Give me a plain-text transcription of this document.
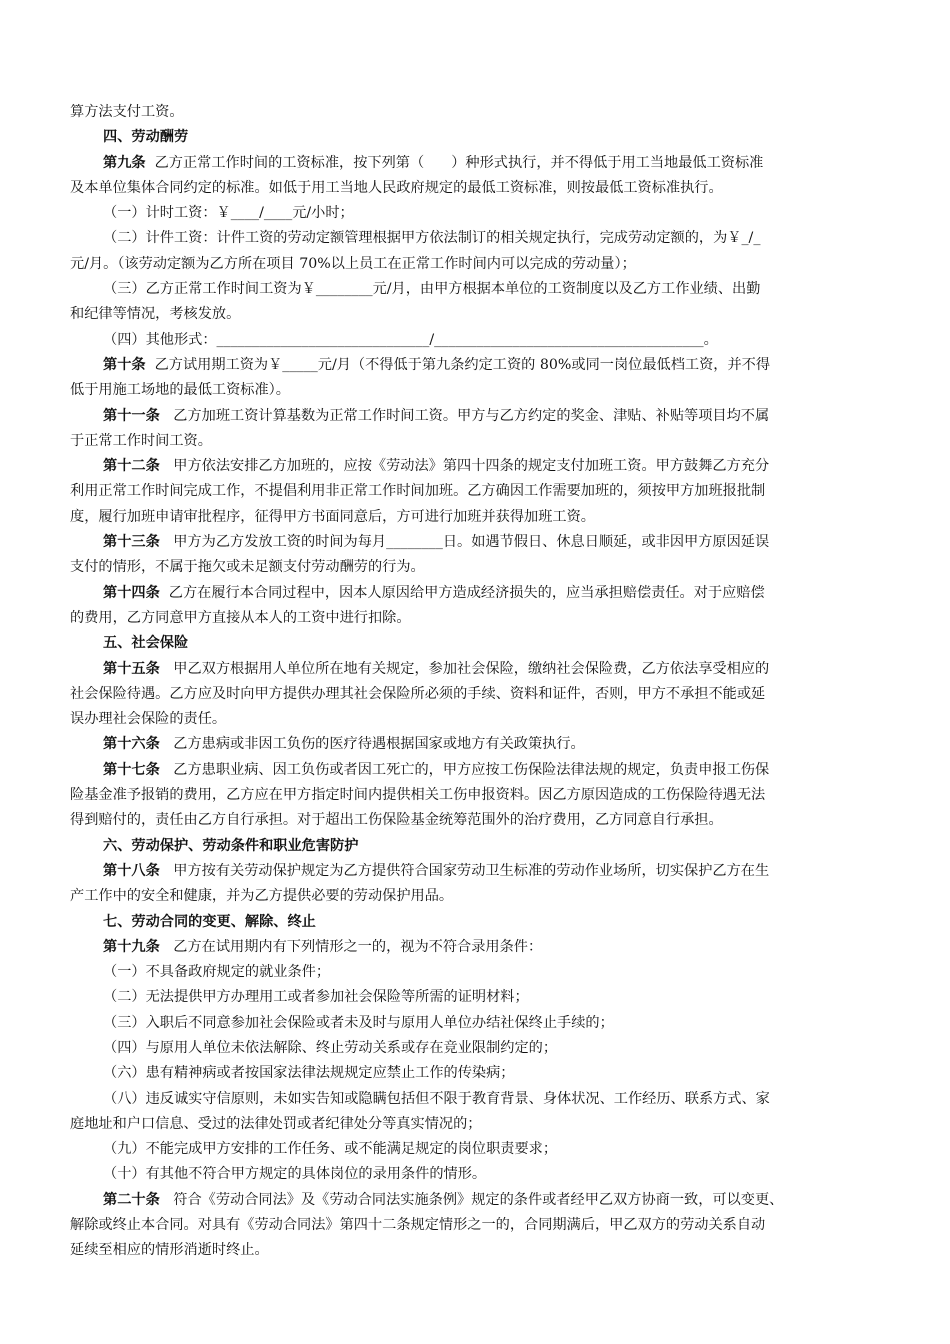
算方法支付工资。
四、劳动酬劳
第九条  乙方正常工作时间的工资标准，按下列第（      ）种形式执行，并不得低于用工当地最低工资标准
及本单位集体合同约定的标准。如低于用工当地人民政府规定的最低工资标准，则按最低工资标准执行。
（一）计时工资：￥____/____元/小时；
（二）计件工资：计件工资的劳动定额管理根据甲方依法制订的相关规定执行，完成劳动定额的，为￥_/_
元/月。（该劳动定额为乙方所在项目 70%以上员工在正常工作时间内可以完成的劳动量）；
（三）乙方正常工作时间工资为￥________元/月，由甲方根据本单位的工资制度以及乙方工作业绩、出勤
和纪律等情况，考核发放。
（四）其他形式：______________________________/______________________________________。
第十条  乙方试用期工资为￥_____元/月（不得低于第九条约定工资的 80%或同一岗位最低档工资，并不得
低于用施工场地的最低工资标准）。
第十一条   乙方加班工资计算基数为正常工作时间工资。甲方与乙方约定的奖金、津贴、补贴等项目均不属
于正常工作时间工资。
第十二条   甲方依法安排乙方加班的，应按《劳动法》第四十四条的规定支付加班工资。甲方鼓舞乙方充分
利用正常工作时间完成工作，不提倡利用非正常工作时间加班。乙方确因工作需要加班的，须按甲方加班报批制
度，履行加班申请审批程序，征得甲方书面同意后，方可进行加班并获得加班工资。
第十三条   甲方为乙方发放工资的时间为每月________日。如遇节假日、休息日顺延，或非因甲方原因延误
支付的情形，不属于拖欠或未足额支付劳动酬劳的行为。
第十四条  乙方在履行本合同过程中，因本人原因给甲方造成经济损失的，应当承担赔偿责任。对于应赔偿
的费用，乙方同意甲方直接从本人的工资中进行扣除。
五、社会保险
第十五条   甲乙双方根据用人单位所在地有关规定，参加社会保险，缴纳社会保险费，乙方依法享受相应的
社会保险待遇。乙方应及时向甲方提供办理其社会保险所必须的手续、资料和证件，否则，甲方不承担不能或延
误办理社会保险的责任。
第十六条   乙方患病或非因工负伤的医疗待遇根据国家或地方有关政策执行。
第十七条   乙方患职业病、因工负伤或者因工死亡的，甲方应按工伤保险法律法规的规定，负责申报工伤保
险基金准予报销的费用，乙方应在甲方指定时间内提供相关工伤申报资料。因乙方原因造成的工伤保险待遇无法
得到赔付的，责任由乙方自行承担。对于超出工伤保险基金统筹范围外的治疗费用，乙方同意自行承担。
六、劳动保护、劳动条件和职业危害防护
第十八条   甲方按有关劳动保护规定为乙方提供符合国家劳动卫生标准的劳动作业场所，切实保护乙方在生
产工作中的安全和健康，并为乙方提供必要的劳动保护用品。
七、劳动合同的变更、解除、终止
第十九条   乙方在试用期内有下列情形之一的，视为不符合录用条件：
（一）不具备政府规定的就业条件；
（二）无法提供甲方办理用工或者参加社会保险等所需的证明材料；
（三）入职后不同意参加社会保险或者未及时与原用人单位办结社保终止手续的；
（四）与原用人单位未依法解除、终止劳动关系或存在竞业限制约定的；
（六）患有精神病或者按国家法律法规规定应禁止工作的传染病；
（八）违反诚实守信原则，未如实告知或隐瞒包括但不限于教育背景、身体状况、工作经历、联系方式、家
庭地址和户口信息、受过的法律处罚或者纪律处分等真实情况的；
（九）不能完成甲方安排的工作任务、或不能满足规定的岗位职责要求；
（十）有其他不符合甲方规定的具体岗位的录用条件的情形。
第二十条   符合《劳动合同法》及《劳动合同法实施条例》规定的条件或者经甲乙双方协商一致，可以变更、
解除或终止本合同。对具有《劳动合同法》第四十二条规定情形之一的，合同期满后，甲乙双方的劳动关系自动
延续至相应的情形消逝时终止。
